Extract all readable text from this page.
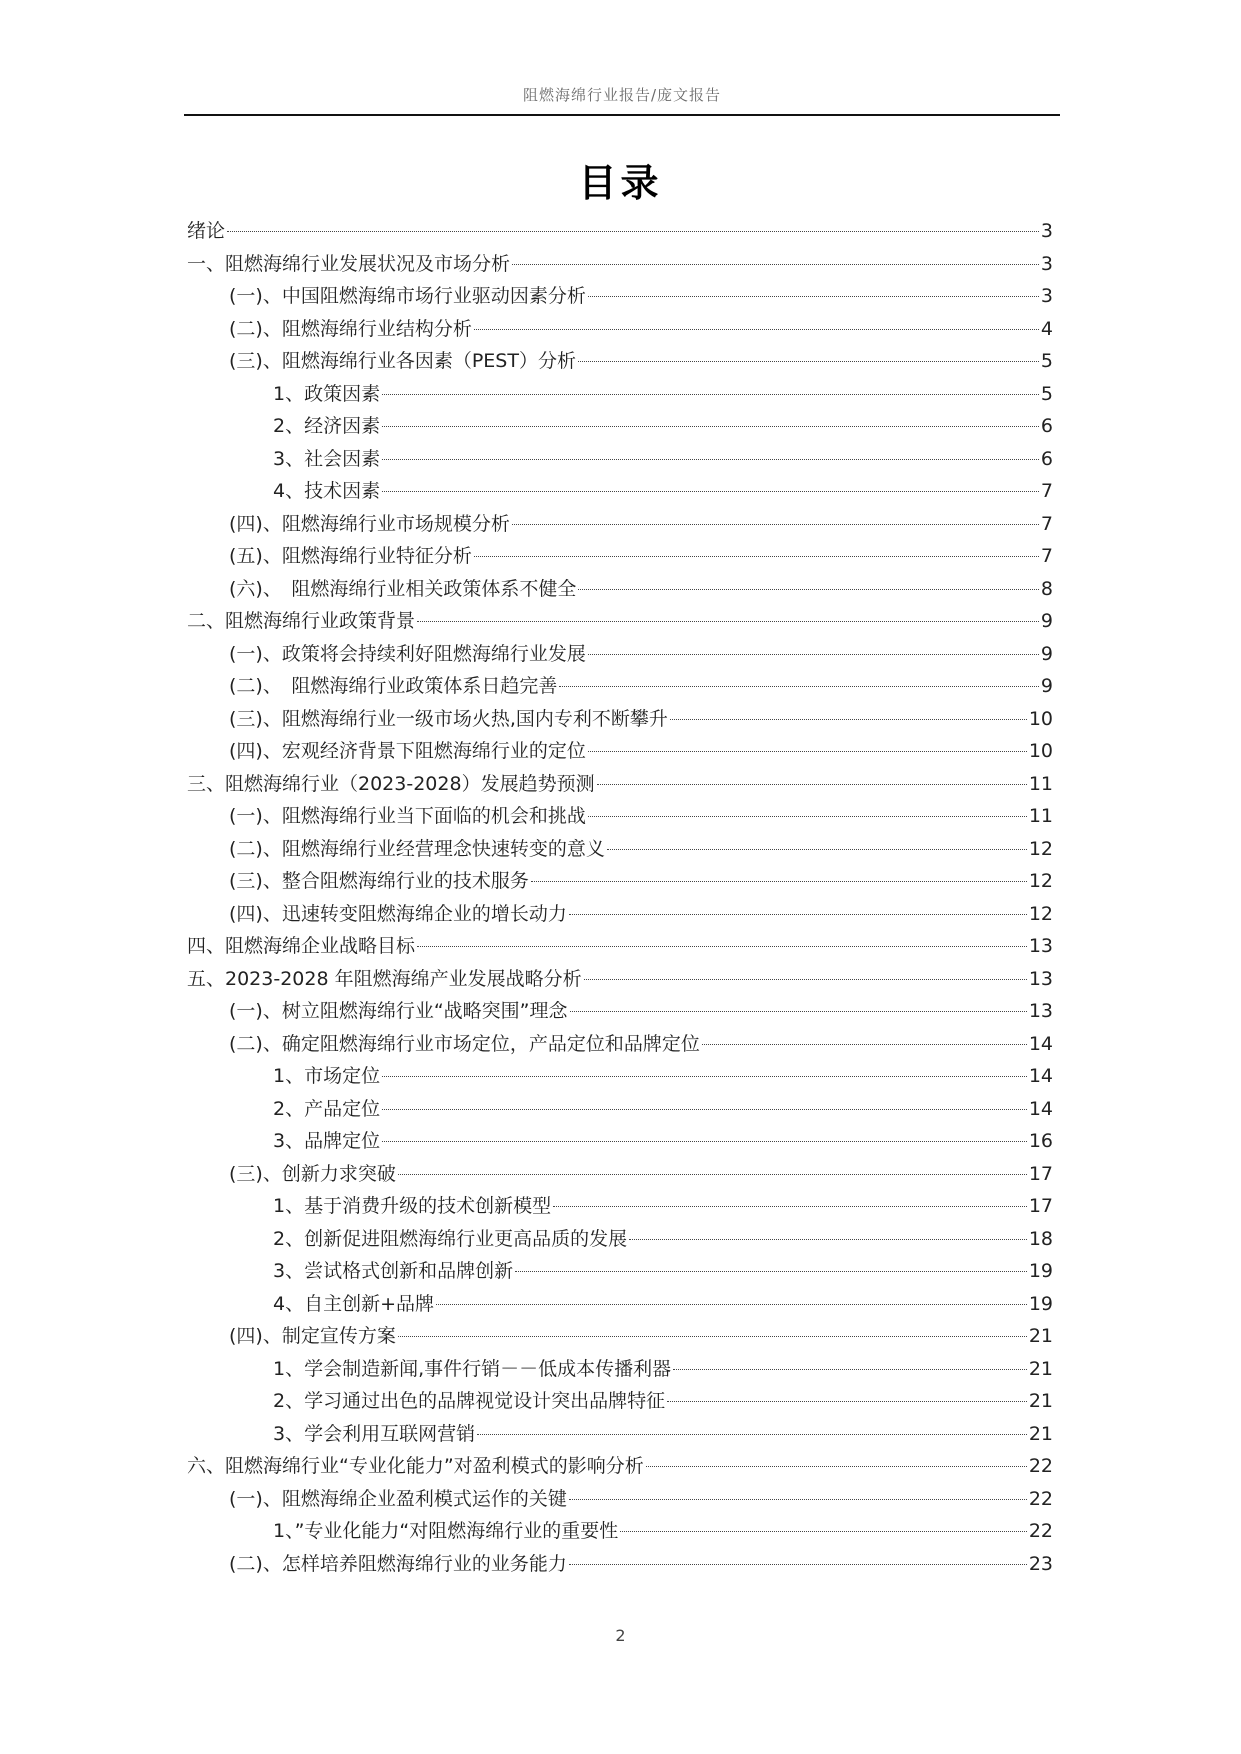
阻燃海绵行业报告/庞文报告
目录
绪论	3
一、阻燃海绵行业发展状况及市场分析	3
(一)、中国阻燃海绵市场行业驱动因素分析	3
(二)、阻燃海绵行业结构分析	4
(三)、阻燃海绵行业各因素（PEST）分析	5
1、政策因素	5
2、经济因素	6
3、社会因素	6
4、技术因素	7
(四)、阻燃海绵行业市场规模分析	7
(五)、阻燃海绵行业特征分析	7
(六)、　阻燃海绵行业相关政策体系不健全	8
二、阻燃海绵行业政策背景	9
(一)、政策将会持续利好阻燃海绵行业发展	9
(二)、　阻燃海绵行业政策体系日趋完善	9
(三)、阻燃海绵行业一级市场火热,国内专利不断攀升	10
(四)、宏观经济背景下阻燃海绵行业的定位	10
三、阻燃海绵行业（2023-2028）发展趋势预测	11
(一)、阻燃海绵行业当下面临的机会和挑战	11
(二)、阻燃海绵行业经营理念快速转变的意义	12
(三)、整合阻燃海绵行业的技术服务	12
(四)、迅速转变阻燃海绵企业的增长动力	12
四、阻燃海绵企业战略目标	13
五、2023-2028 年阻燃海绵产业发展战略分析	13
(一)、树立阻燃海绵行业“战略突围”理念	13
(二)、确定阻燃海绵行业市场定位，产品定位和品牌定位	14
1、市场定位	14
2、产品定位	14
3、品牌定位	16
(三)、创新力求突破	17
1、基于消费升级的技术创新模型	17
2、创新促进阻燃海绵行业更高品质的发展	18
3、尝试格式创新和品牌创新	19
4、自主创新+品牌	19
(四)、制定宣传方案	21
1、学会制造新闻,事件行销－－低成本传播利器	21
2、学习通过出色的品牌视觉设计突出品牌特征	21
3、学会利用互联网营销	21
六、阻燃海绵行业“专业化能力”对盈利模式的影响分析	22
(一)、阻燃海绵企业盈利模式运作的关键	22
1、”专业化能力“对阻燃海绵行业的重要性	22
(二)、怎样培养阻燃海绵行业的业务能力	23
2
